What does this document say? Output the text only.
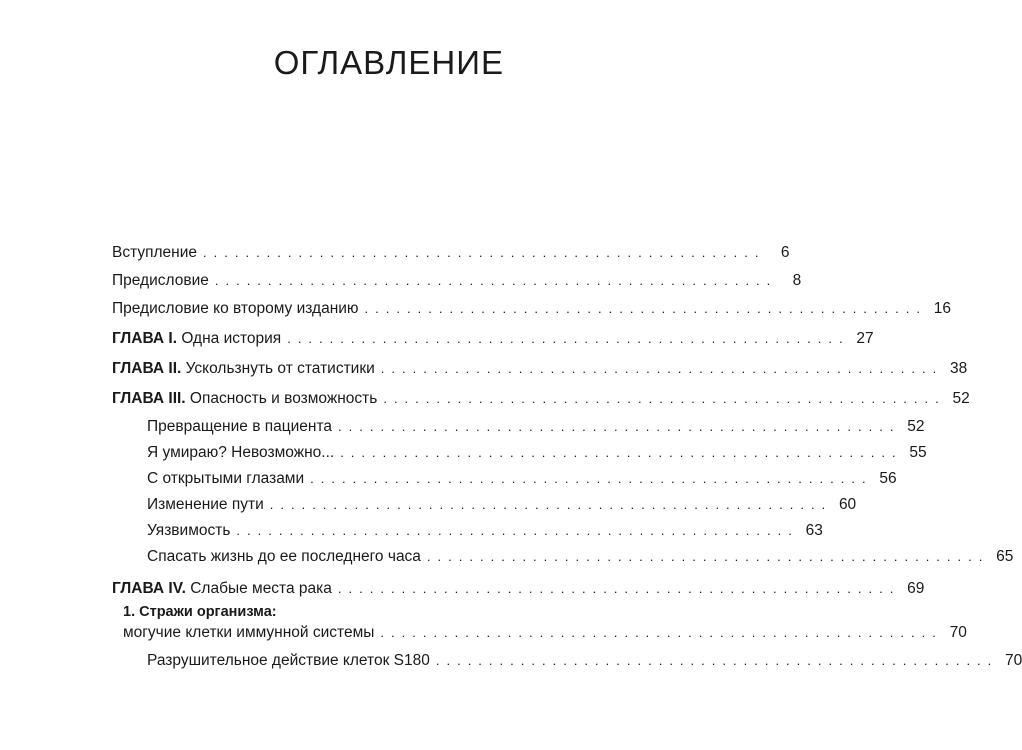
ОГЛАВЛЕНИЕ
Вступление ..................................................... 6
Предисловие ..................................................... 8
Предисловие ко второму изданию ..................................................... 16
ГЛАВА I. Одна история ..................................................... 27
ГЛАВА II. Ускользнуть от статистики ..................................................... 38
ГЛАВА III. Опасность и возможность ..................................................... 52
Превращение в пациента ..................................................... 52
Я умираю? Невозможно... ..................................................... 55
С открытыми глазами ..................................................... 56
Изменение пути ..................................................... 60
Уязвимость ..................................................... 63
Спасать жизнь до ее последнего часа ..................................................... 65
ГЛАВА IV. Слабые места рака ..................................................... 69
1. Стражи организма:
могучие клетки иммунной системы ..................................................... 70
Разрушительное действие клеток S180 ..................................................... 70
